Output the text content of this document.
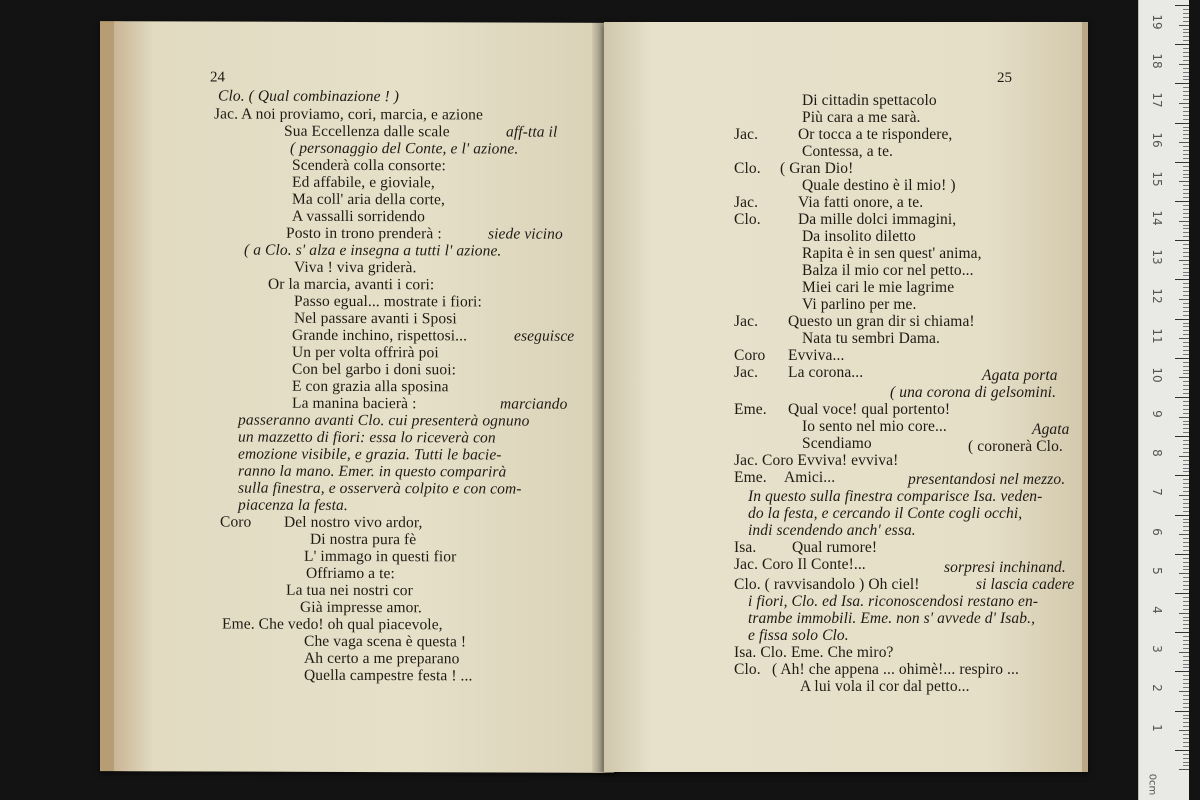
24
Clo. ( Qual combinazione ! )
Jac. A noi proviamo, cori, marcia, e azione
Sua Eccellenza dalle scale	aff-tta il
( personaggio del Conte, e l' azione.
Scenderà colla consorte:
Ed affabile, e gioviale,
Ma coll' aria della corte,
A vassalli sorridendo
Posto in trono prenderà :	siede vicino
( a Clo. s' alza e insegna a tutti l' azione.
Viva ! viva griderà.
Or la marcia, avanti i cori:
Passo egual... mostrate i fiori:
Nel passare avanti i Sposi
Grande inchino, rispettosi...	eseguisce
Un per volta offrirà poi
Con bel garbo i doni suoi:
E con grazia alla sposina
La manina bacierà :	marciando
passeranno avanti Clo. cui presenterà ognuno
un mazzetto di fiori: essa lo riceverà con
emozione visibile, e grazia. Tutti le bacie-
ranno la mano. Emer. in questo comparirà
sulla finestra, e osserverà colpito e con com-
piacenza la festa.
Coro Del nostro vivo ardor,
Di nostra pura fè
L' immago in questi fior
Offriamo a te:
La tua nei nostri cor
Già impresse amor.
Eme. Che vedo! oh qual piacevole,
Che vaga scena è questa !
Ah certo a me preparano
Quella campestre festa ! ...
25
Di cittadin spettacolo
Più cara a me sarà.
Jac.	Or tocca a te rispondere,
Contessa, a te.
Clo. ( Gran Dio!
Quale destino è il mio! )
Jac.	Via fatti onore, a te.
Clo. Da mille dolci immagini,
Da insolito diletto
Rapita è in sen quest' anima,
Balza il mio cor nel petto...
Miei cari le mie lagrime
Vi parlino per me.
Jac. Questo un gran dir si chiama!
Nata tu sembri Dama.
Coro Evviva...
Jac. La corona...	Agata porta
( una corona di gelsomini.
Eme. Qual voce! qual portento!
Io sento nel mio core...	Agata
Scendiamo	( coronerà Clo.
Jac. Coro Evviva! evviva!
Eme. Amici...	presentandosi nel mezzo.
In questo sulla finestra comparisce Isa. veden-
do la festa, e cercando il Conte cogli occhi,
indi scendendo anch' essa.
Isa. Qual rumore!
Jac. Coro Il Conte!...	sorpresi inchinand.
Clo. ( ravvisandolo ) Oh ciel!	si lascia cadere
i fiori, Clo. ed Isa. riconoscendosi restano en-
trambe immobili. Eme. non s' avvede d' Isab.,
e fissa solo Clo.
Isa. Clo. Eme. Che miro?
Clo. ( Ah! che appena ... ohimè!... respiro ...
A lui vola il cor dal petto...
0cm
19
18
17
16
15
14
13
12
11
10
9
8
7
6
5
4
3
2
1
